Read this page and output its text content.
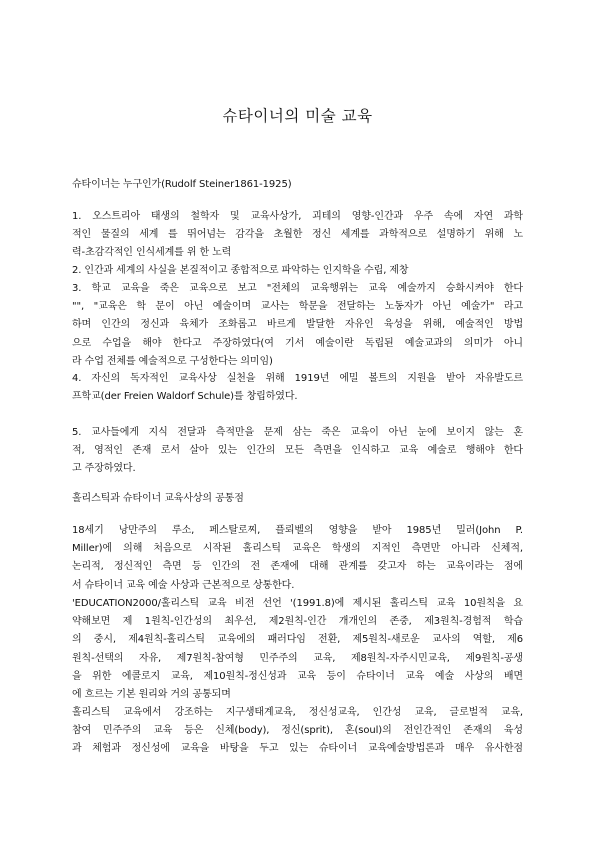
슈타이너의 미술 교육

슈타이너는 누구인가(Rudolf Steiner1861-1925)

1. 오스트리아 태생의 철학자 및 교육사상가, 괴테의 영향-인간과 우주 속에 자연 과학
적인 물질의 세계 를 뛰어넘는 감각을 초월한 정신 세계를 과학적으로 설명하기 위해 노
력-초감각적인 인식세계를 위 한 노력

2. 인간과 세계의 사실을 본질적이고 종합적으로 파악하는 인지학을 수립, 제창

3. 학교 교육을 죽은 교육으로 보고 "전체의 교육행위는 교육 예술까지 승화시켜야 한다
"", "교육은 학 문이 아닌 예술이며 교사는 학문을 전달하는 노동자가 아닌 예술가" 라고
하며 인간의 정신과 육체가 조화롭고 바르게 발달한 자유인 육성을 위해, 예술적인 방법
으로 수업을 해야 한다고 주장하였다(여 기서 예술이란 독립된 예술교과의 의미가 아니
라 수업 전체를 예술적으로 구성한다는 의미임)

4. 자신의 독자적인 교육사상 실천을 위해 1919년 에밀 볼트의 지원을 받아 자유발도르
프학교(der Freien Waldorf Schule)를 창립하였다.

5. 교사들에게 지식 전달과 측적만을 문제 삼는 죽은 교육이 아닌 눈에 보이지 않는 혼
적, 영적인 존재 로서 살아 있는 인간의 모든 측면을 인식하고 교육 예술로 행해야 한다
고 주장하였다.

홀리스틱과 슈타이너 교육사상의 공통점

18세기 낭만주의 루소, 페스탈로찌, 플뢰벨의 영향을 받아 1985년 밀러(John P.
Miller)에 의해 처음으로 시작된 홀리스틱 교육은 학생의 지적인 측면만 아니라 신체적,
논리적, 정신적인 측면 등 인간의 전 존재에 대해 관계를 갖고자 하는 교육이라는 점에
서 슈타이너 교육 예술 사상과 근본적으로 상통한다.

'EDUCATION2000/홀리스틱 교육 비전 선언 '(1991.8)에 제시된 홀리스틱 교육 10원칙을 요
약해보면 제 1원칙-인간성의 최우선, 제2원칙-인간 개개인의 존중, 제3원칙-경험적 학습
의 중시, 제4원칙-홀리스틱 교육에의 패러다임 전환, 제5원칙-새로운 교사의 역할, 제6
원칙-선택의 자유, 제7원칙-참여형 민주주의 교육, 제8원칙-자주시민교육, 제9원칙-공생
을 위한 에콜로지 교육, 제10원칙-정신성과 교육 등이 슈타이너 교육 예술 사상의 배면
에 흐르는 기본 원리와 거의 공통되며

홀리스틱 교육에서 강조하는 지구생태계교육, 정신성교육, 인간성 교육, 글로벌적 교육,
참여 민주주의 교육 등은 신체(body), 정신(sprit), 혼(soul)의 전인간적인 존재의 육성
과 체험과 정신성에 교육을 바탕을 두고 있는 슈타이너 교육예술방법론과 매우 유사한점
